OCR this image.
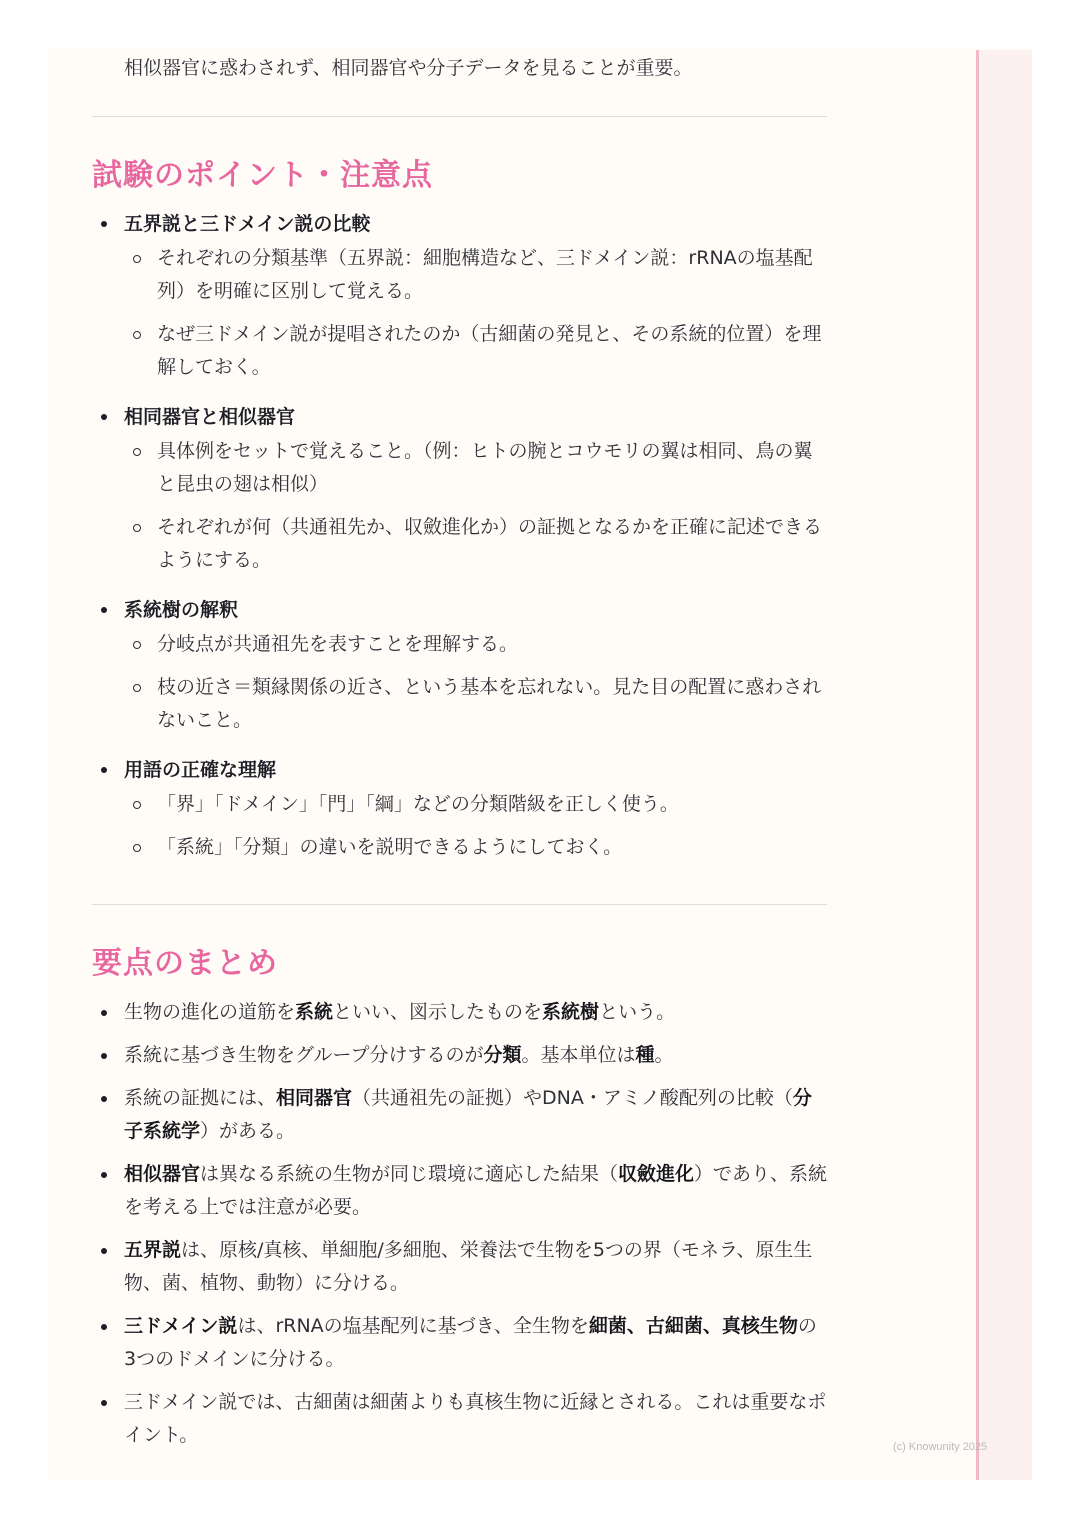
相似器官に惑わされず、相同器官や分子データを見ることが重要。

試験のポイント・注意点
五界説と三ドメイン説の比較
それぞれの分類基準（五界説：細胞構造など、三ドメイン説：rRNAの塩基配列）を明確に区別して覚える。
なぜ三ドメイン説が提唱されたのか（古細菌の発見と、その系統的位置）を理解しておく。
相同器官と相似器官
具体例をセットで覚えること。（例：ヒトの腕とコウモリの翼は相同、鳥の翼と昆虫の翅は相似）
それぞれが何（共通祖先か、収斂進化か）の証拠となるかを正確に記述できるようにする。
系統樹の解釈
分岐点が共通祖先を表すことを理解する。
枝の近さ＝類縁関係の近さ、という基本を忘れない。見た目の配置に惑わされないこと。
用語の正確な理解
「界」「ドメイン」「門」「綱」などの分類階級を正しく使う。
「系統」「分類」の違いを説明できるようにしておく。
要点のまとめ
生物の進化の道筋を系統といい、図示したものを系統樹という。
系統に基づき生物をグループ分けするのが分類。基本単位は種。
系統の証拠には、相同器官（共通祖先の証拠）やDNA・アミノ酸配列の比較（分子系統学）がある。
相似器官は異なる系統の生物が同じ環境に適応した結果（収斂進化）であり、系統を考える上では注意が必要。
五界説は、原核/真核、単細胞/多細胞、栄養法で生物を5つの界（モネラ、原生生物、菌、植物、動物）に分ける。
三ドメイン説は、rRNAの塩基配列に基づき、全生物を細菌、古細菌、真核生物の3つのドメインに分ける。
三ドメイン説では、古細菌は細菌よりも真核生物に近縁とされる。これは重要なポイント。
(c) Knowunity 2025
